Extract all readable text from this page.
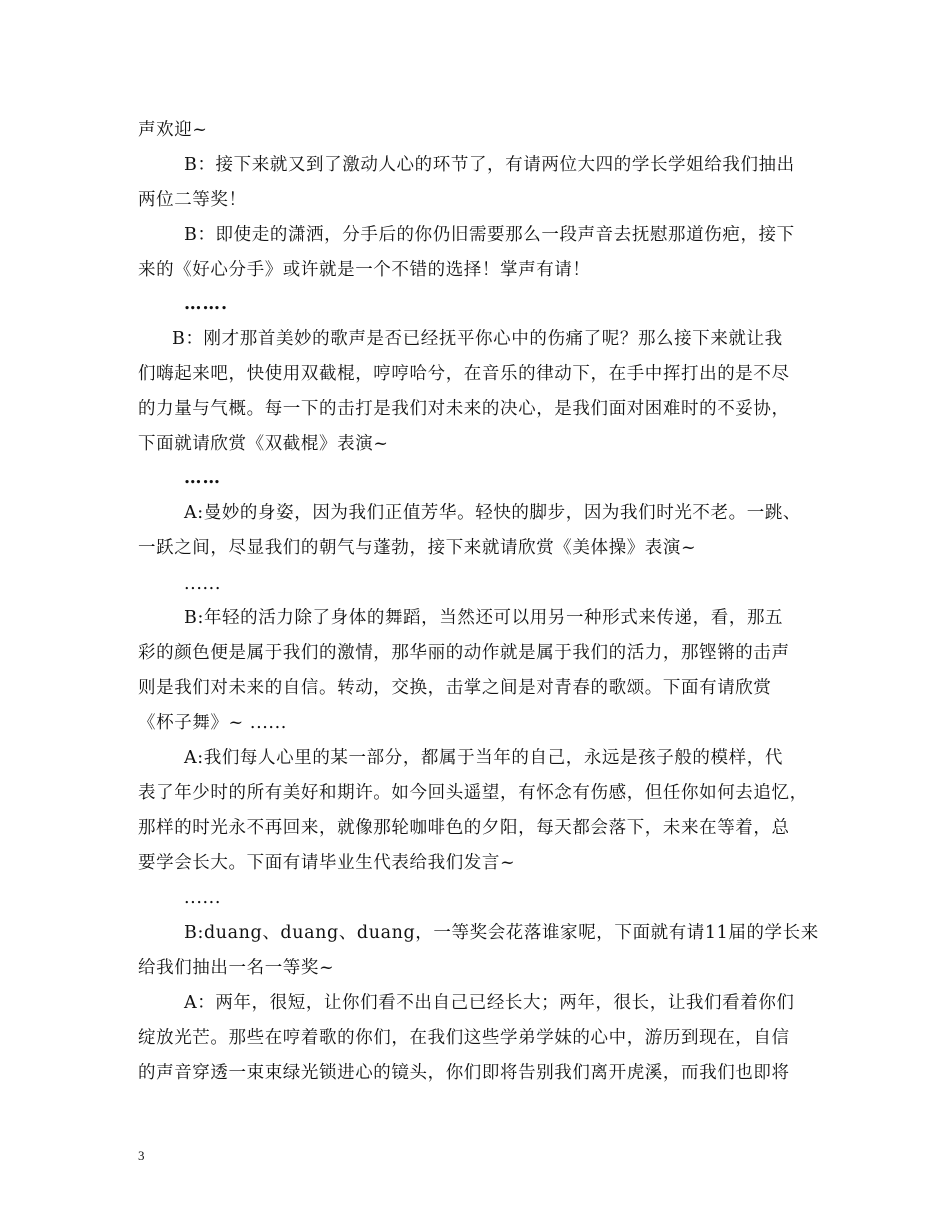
声欢迎~
B：接下来就又到了激动人心的环节了，有请两位大四的学长学姐给我们抽出
两位二等奖！
B：即使走的潇洒，分手后的你仍旧需要那么一段声音去抚慰那道伤疤，接下
来的《好心分手》或许就是一个不错的选择！掌声有请！
…….
B：刚才那首美妙的歌声是否已经抚平你心中的伤痛了呢？那么接下来就让我
们嗨起来吧，快使用双截棍，哼哼哈兮，在音乐的律动下，在手中挥打出的是不尽
的力量与气概。每一下的击打是我们对未来的决心，是我们面对困难时的不妥协，
下面就请欣赏《双截棍》表演~
……
A:曼妙的身姿，因为我们正值芳华。轻快的脚步，因为我们时光不老。一跳、
一跃之间，尽显我们的朝气与蓬勃，接下来就请欣赏《美体操》表演~
......
B:年轻的活力除了身体的舞蹈，当然还可以用另一种形式来传递，看，那五
彩的颜色便是属于我们的激情，那华丽的动作就是属于我们的活力，那铿锵的击声
则是我们对未来的自信。转动，交换，击掌之间是对青春的歌颂。下面有请欣赏
《杯子舞》~ ......
A:我们每人心里的某一部分，都属于当年的自己，永远是孩子般的模样，代
表了年少时的所有美好和期许。如今回头遥望，有怀念有伤感，但任你如何去追忆，
那样的时光永不再回来，就像那轮咖啡色的夕阳，每天都会落下，未来在等着，总
要学会长大。下面有请毕业生代表给我们发言~
......
B:duang、duang、duang，一等奖会花落谁家呢，下面就有请11届的学长来
给我们抽出一名一等奖~
A：两年，很短，让你们看不出自己已经长大；两年，很长，让我们看着你们
绽放光芒。那些在哼着歌的你们，在我们这些学弟学妹的心中，游历到现在，自信
的声音穿透一束束绿光锁进心的镜头，你们即将告别我们离开虎溪，而我们也即将
3
